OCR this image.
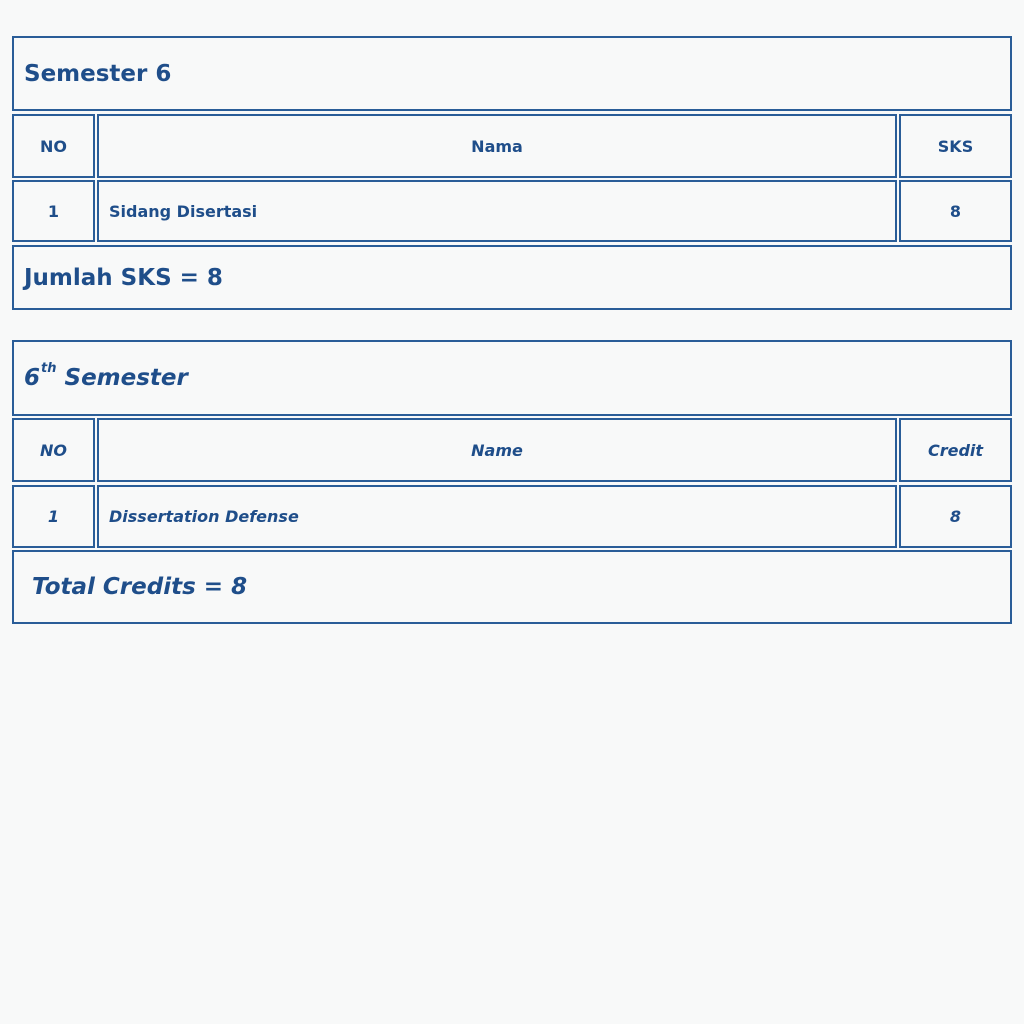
Semester 6
NO	Nama	SKS
1	Sidang Disertasi	8
Jumlah SKS = 8
6th Semester
NO	Name	Credit
1	Dissertation Defense	8
Total Credits = 8
